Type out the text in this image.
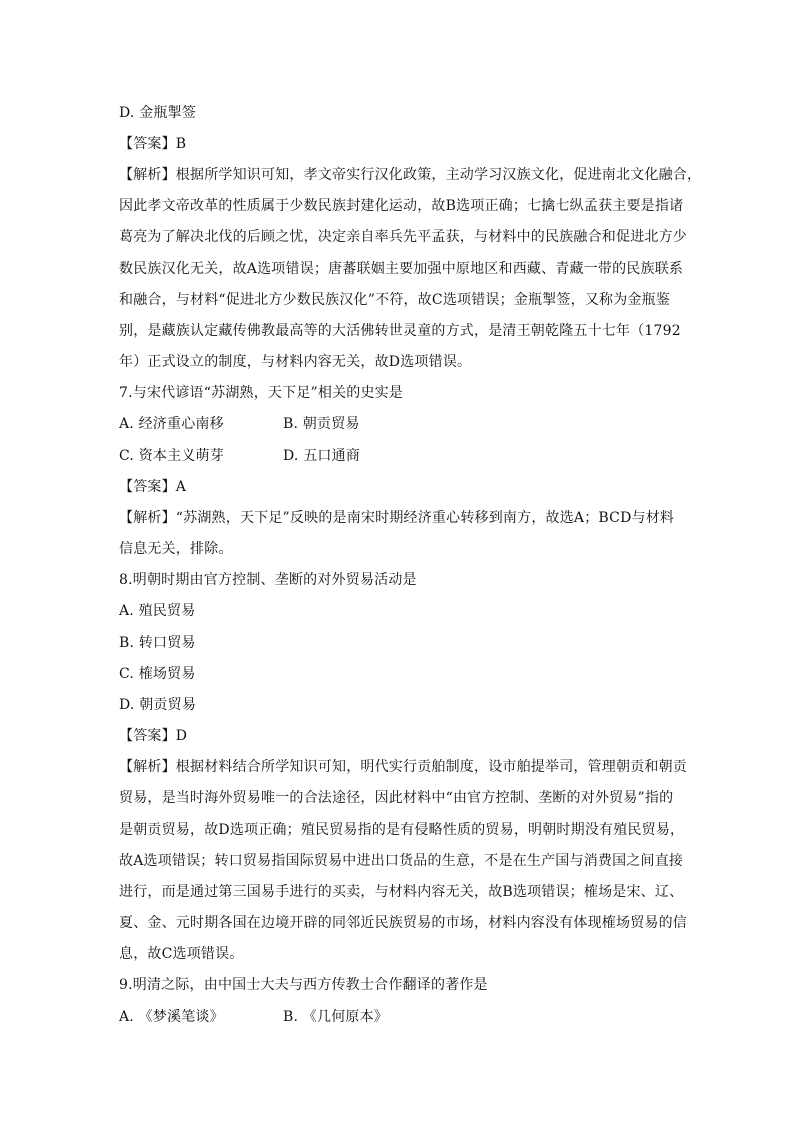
D. 金瓶掣签
【答案】B
【解析】根据所学知识可知，孝文帝实行汉化政策，主动学习汉族文化，促进南北文化融合，
因此孝文帝改革的性质属于少数民族封建化运动，故B选项正确；七擒七纵孟获主要是指诸
葛亮为了解决北伐的后顾之忧，决定亲自率兵先平孟获，与材料中的民族融合和促进北方少
数民族汉化无关，故A选项错误；唐蕃联姻主要加强中原地区和西藏、青藏一带的民族联系
和融合，与材料“促进北方少数民族汉化”不符，故C选项错误；金瓶掣签，又称为金瓶鉴
别，是藏族认定藏传佛教最高等的大活佛转世灵童的方式，是清王朝乾隆五十七年（1792
年）正式设立的制度，与材料内容无关，故D选项错误。
7.与宋代谚语“苏湖熟，天下足”相关的史实是
A. 经济重心南移	B. 朝贡贸易
C. 资本主义萌芽	D. 五口通商
【答案】A
【解析】“苏湖熟，天下足”反映的是南宋时期经济重心转移到南方，故选A；BCD与材料
信息无关，排除。
8.明朝时期由官方控制、垄断的对外贸易活动是
A. 殖民贸易
B. 转口贸易
C. 榷场贸易
D. 朝贡贸易
【答案】D
【解析】根据材料结合所学知识可知，明代实行贡舶制度，设市舶提举司，管理朝贡和朝贡
贸易，是当时海外贸易唯一的合法途径，因此材料中“由官方控制、垄断的对外贸易”指的
是朝贡贸易，故D选项正确；殖民贸易指的是有侵略性质的贸易，明朝时期没有殖民贸易，
故A选项错误；转口贸易指国际贸易中进出口货品的生意，不是在生产国与消费国之间直接
进行，而是通过第三国易手进行的买卖，与材料内容无关，故B选项错误；榷场是宋、辽、
夏、金、元时期各国在边境开辟的同邻近民族贸易的市场，材料内容没有体现榷场贸易的信
息，故C选项错误。
9.明清之际，由中国士大夫与西方传教士合作翻译的著作是
A. 《梦溪笔谈》	B. 《几何原本》
